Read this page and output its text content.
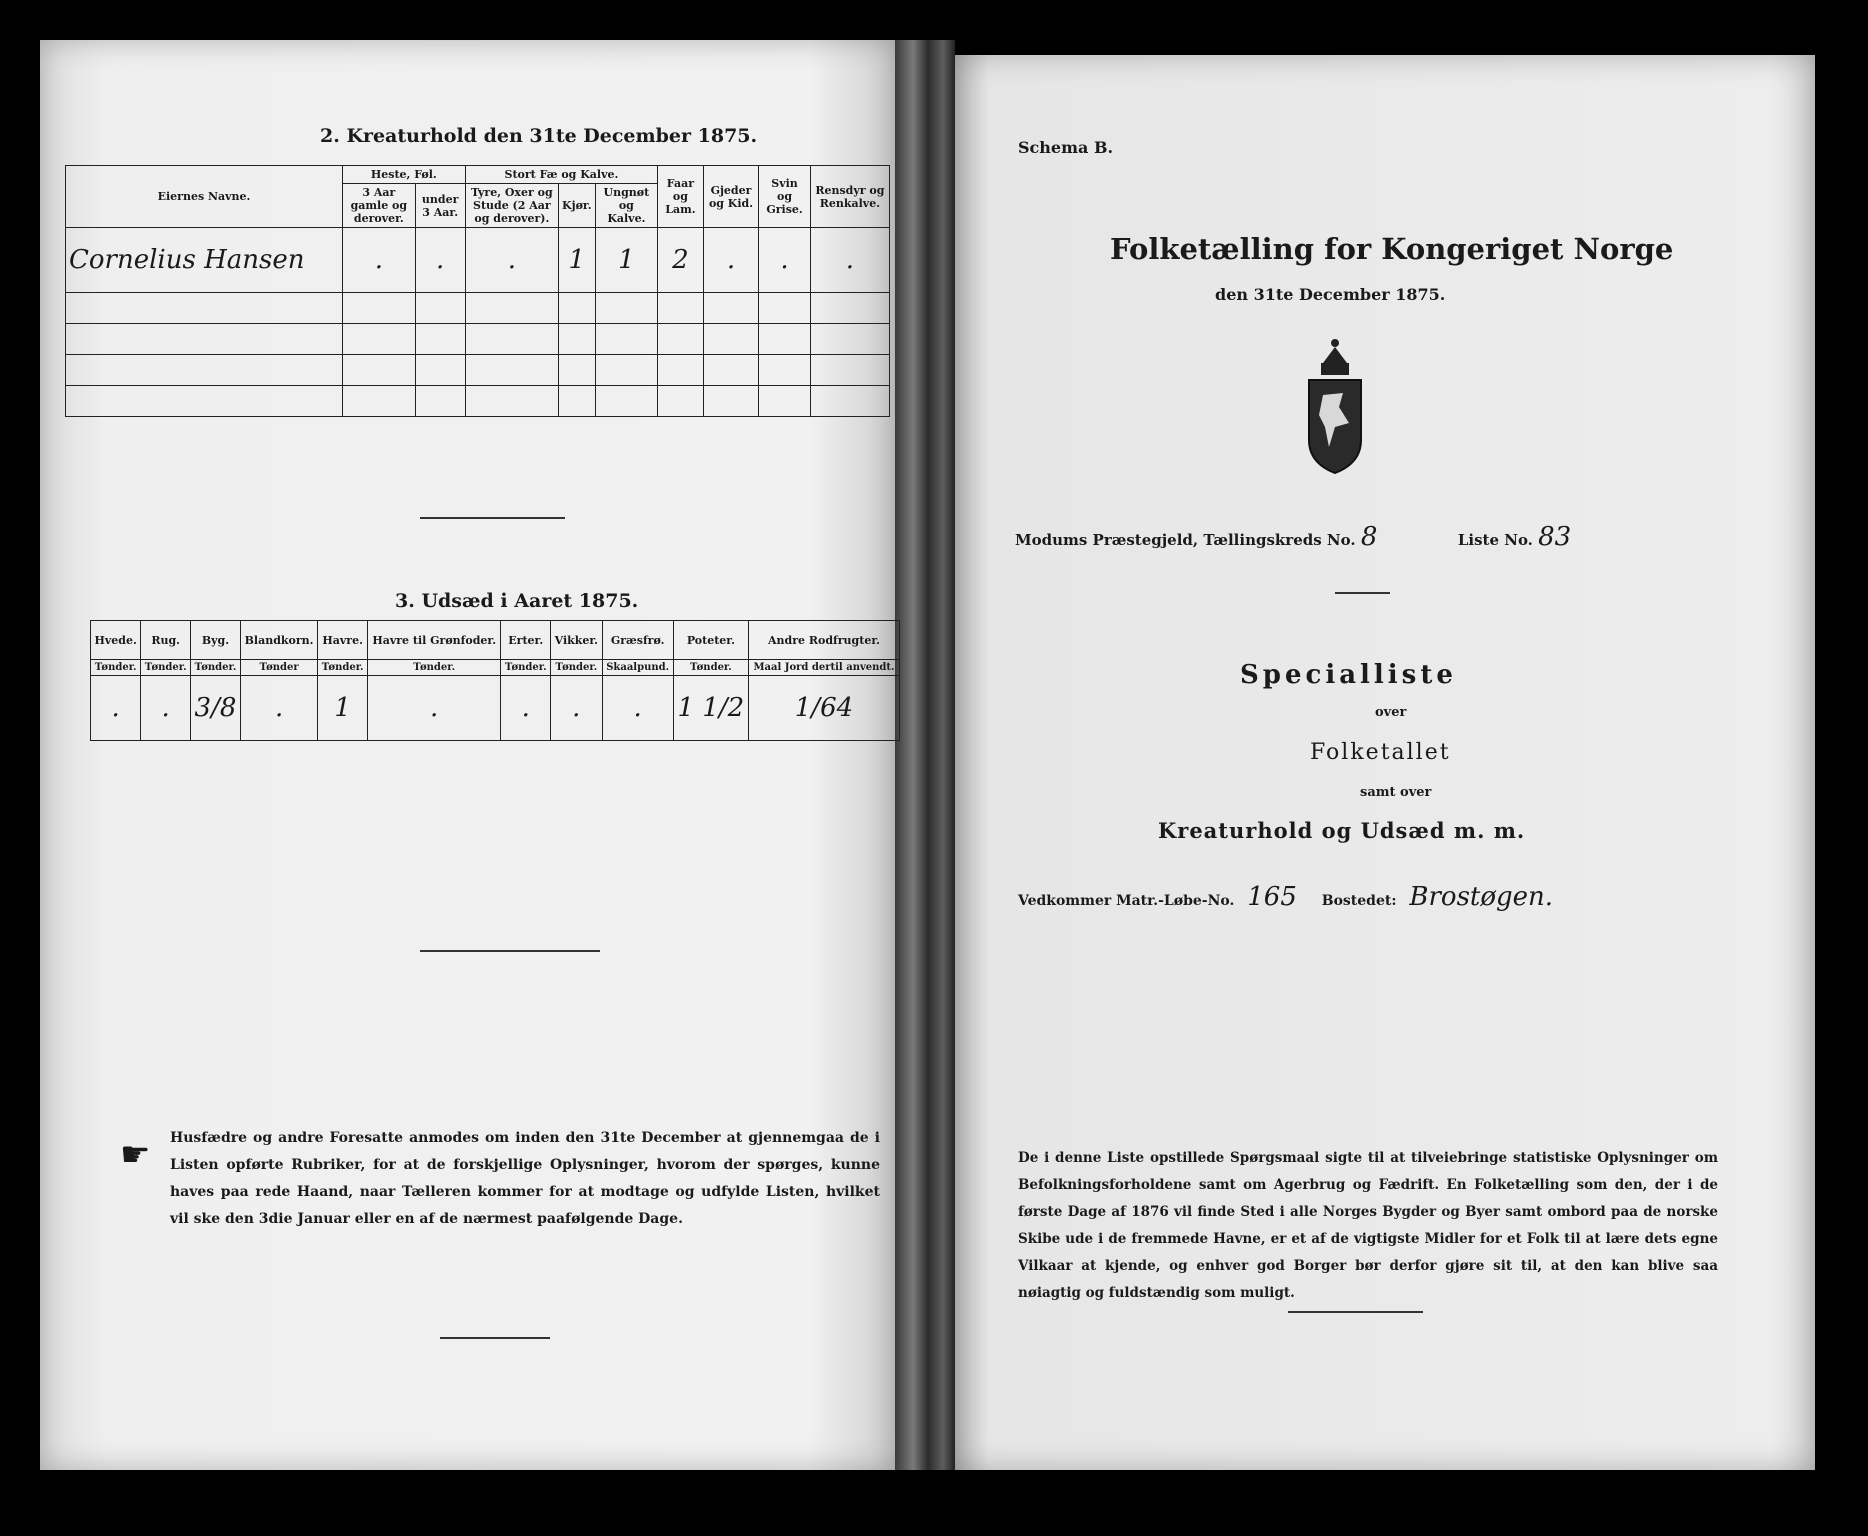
2. Kreaturhold den 31te December 1875.
Eiernes Navne.	Heste, Føl.		Stort Fæ og Kalve.			Faar og Lam.	Gjeder og Kid.	Svin og Grise.	Rensdyr og Renkalve.
	3 Aar gamle og derover.	under 3 Aar.	Tyre, Oxer og Stude (2 Aar og derover).	Kjør.	Ungnøt og Kalve.				
Cornelius Hansen	.	.	.	1	1	2	.	.	.

3. Udsæd i Aaret 1875.
Hvede.	Rug.	Byg.	Blandkorn.	Havre.	Havre til Grønfoder.	Erter.	Vikker.	Græsfrø.	Poteter.	Andre Rodfrugter.
Tønder.	Tønder.	Tønder.	Tønder	Tønder.	Tønder.	Tønder.	Tønder.	Skaalpund.	Tønder.	Maal Jord dertil anvendt.
.	.	3/8	.	1	.	.	.	.	1 1/2	1/64
☛ Husfædre og andre Foresatte anmodes om inden den 31te December at gjennemgaa de i Listen opførte Rubriker, for at de forskjellige Oplysninger, hvorom der spørges, kunne haves paa rede Haand, naar Tælleren kommer for at modtage og udfylde Listen, hvilket vil ske den 3die Januar eller en af de nærmest paafølgende Dage.
Schema B.
Folketælling for Kongeriget Norge
den 31te December 1875.
Modums Præstegjeld, Tællingskreds No. 8	Liste No. 83
Specialliste
over
Folketallet
samt over
Kreaturhold og Udsæd m. m.
Vedkommer Matr.-Løbe-No. 165 Bostedet: Brostøgen.
De i denne Liste opstillede Spørgsmaal sigte til at tilveiebringe statistiske Oplysninger om Befolkningsforholdene samt om Agerbrug og Fædrift. En Folketælling som den, der i de første Dage af 1876 vil finde Sted i alle Norges Bygder og Byer samt ombord paa de norske Skibe ude i de fremmede Havne, er et af de vigtigste Midler for et Folk til at lære dets egne Vilkaar at kjende, og enhver god Borger bør derfor gjøre sit til, at den kan blive saa nøiagtig og fuldstændig som muligt.
